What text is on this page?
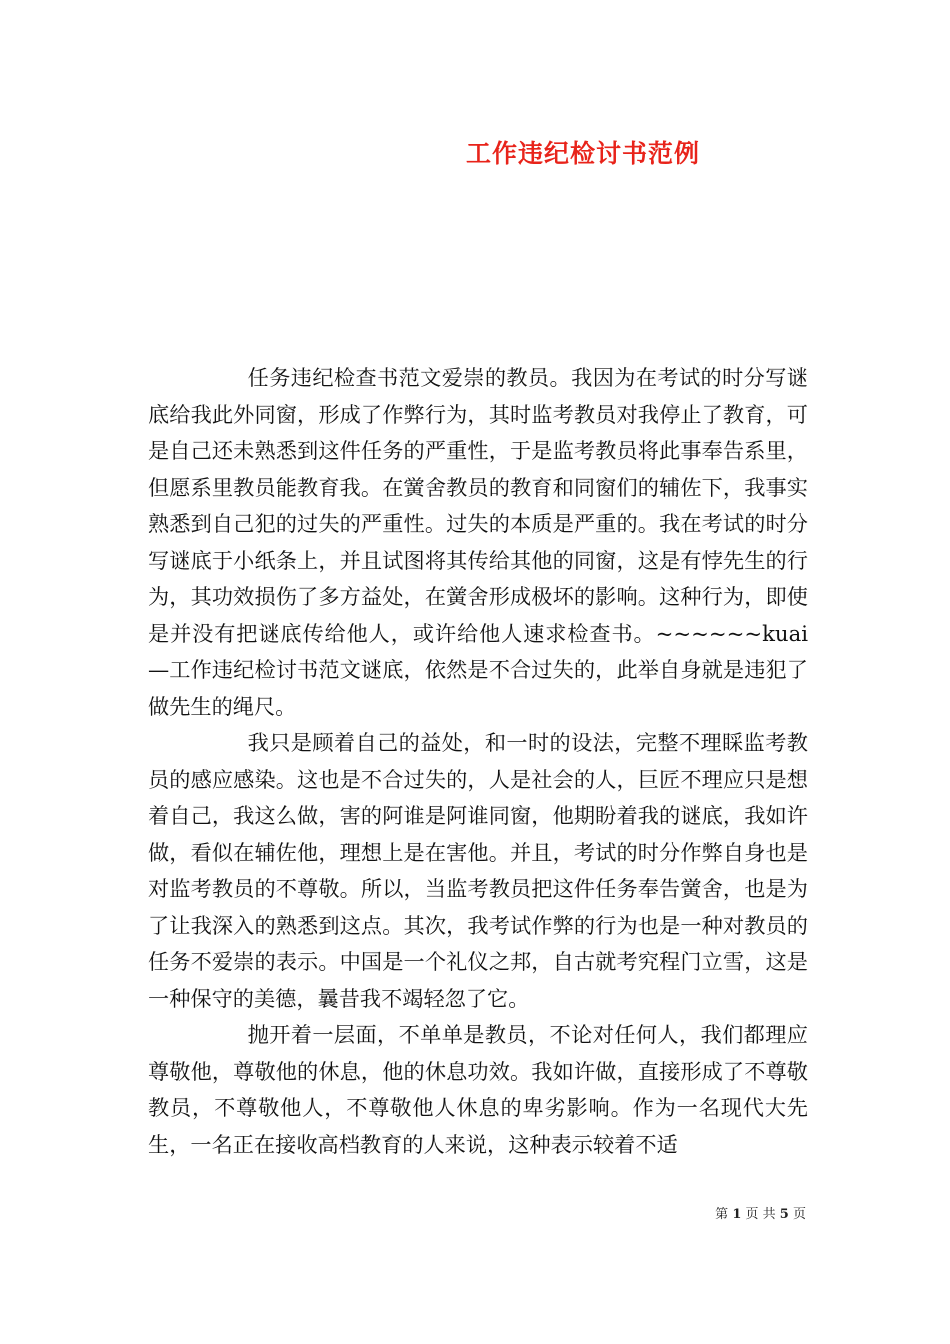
工作违纪检讨书范例

任务违纪检查书范文爱崇的教员。我因为在考试的时分写谜底给我此外同窗，形成了作弊行为，其时监考教员对我停止了教育，可是自己还未熟悉到这件任务的严重性，于是监考教员将此事奉告系里，但愿系里教员能教育我。在黉舍教员的教育和同窗们的辅佐下，我事实熟悉到自己犯的过失的严重性。过失的本质是严重的。我在考试的时分写谜底于小纸条上，并且试图将其传给其他的同窗，这是有悖先生的行为，其功效损伤了多方益处，在黉舍形成极坏的影响。这种行为，即使是并没有把谜底传给他人，或许给他人速求检查书。~~~~~~kuai—工作违纪检讨书范文谜底，依然是不合过失的，此举自身就是违犯了做先生的绳尺。

我只是顾着自己的益处，和一时的设法，完整不理睬监考教员的感应感染。这也是不合过失的，人是社会的人，巨匠不理应只是想着自己，我这么做，害的阿谁是阿谁同窗，他期盼着我的谜底，我如许做，看似在辅佐他，理想上是在害他。并且，考试的时分作弊自身也是对监考教员的不尊敬。所以，当监考教员把这件任务奉告黉舍，也是为了让我深入的熟悉到这点。其次，我考试作弊的行为也是一种对教员的任务不爱崇的表示。中国是一个礼仪之邦，自古就考究程门立雪，这是一种保守的美德，曩昔我不竭轻忽了它。

抛开着一层面，不单单是教员，不论对任何人，我们都理应尊敬他，尊敬他的休息，他的休息功效。我如许做，直接形成了不尊敬教员，不尊敬他人，不尊敬他人休息的卑劣影响。作为一名现代大先生，一名正在接收高档教育的人来说，这种表示较着不适

第 1 页 共 5 页
